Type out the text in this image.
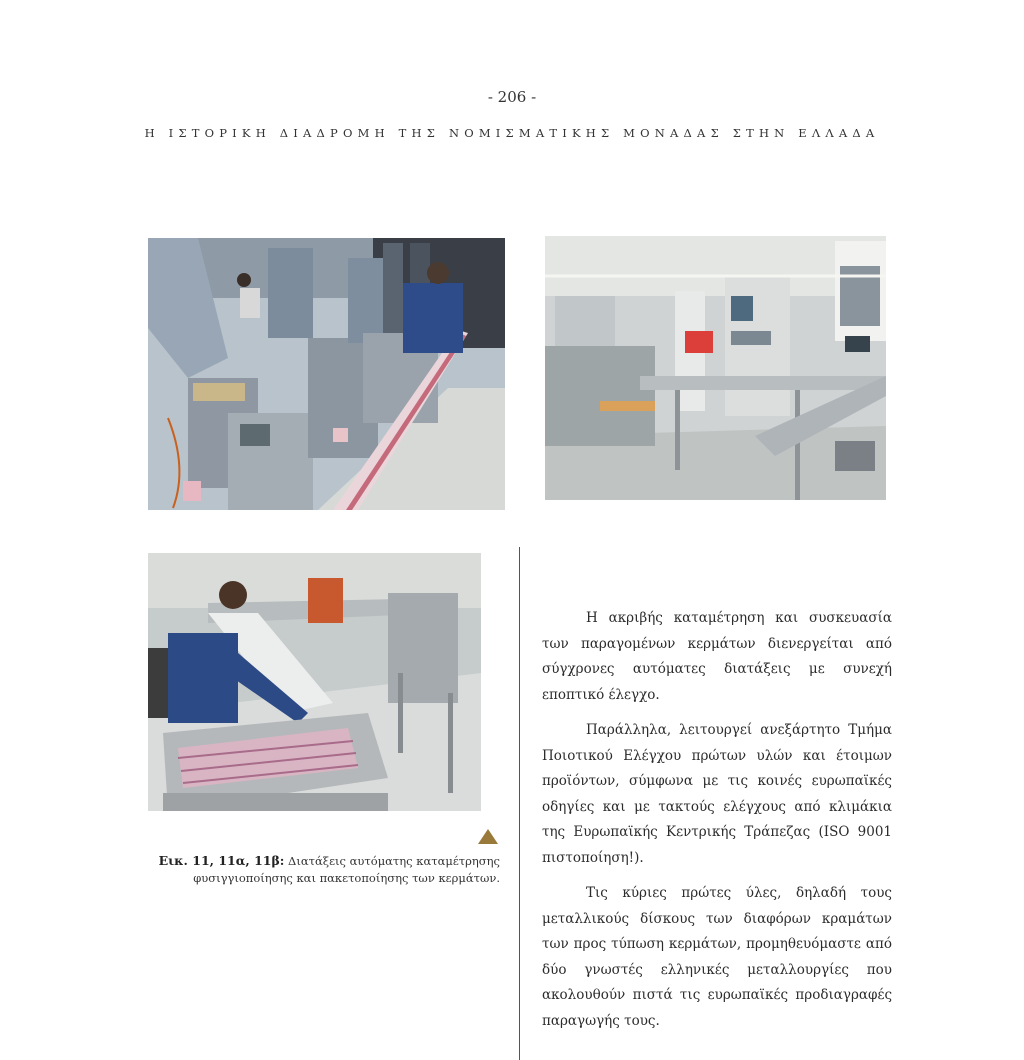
- 206 -
Η ΙΣΤΟΡΙΚΗ ΔΙΑΔΡΟΜΗ ΤΗΣ ΝΟΜΙΣΜΑΤΙΚΗΣ ΜΟΝΑΔΑΣ ΣΤΗΝ ΕΛΛΑΔΑ
Εικ. 11, 11α, 11β: Διατάξεις αυτόματης καταμέτρησης
φυσιγγιοποίησης και πακετοποίησης των κερμάτων.

Η ακριβής καταμέτρηση και συσκευασία των παραγομένων κερμάτων διενεργείται από σύγχρονες αυτόματες διατάξεις με συνεχή εποπτικό έλεγχο.

Παράλληλα, λειτουργεί ανεξάρτητο Τμήμα Ποιοτικού Ελέγχου πρώτων υλών και έτοιμων προϊόντων, σύμφωνα με τις κοινές ευρωπαϊκές οδηγίες και με τακτούς ελέγχους από κλιμάκια της Ευρωπαϊκής Κεντρικής Τράπεζας (ISO 9001 πιστοποίηση!).

Τις κύριες πρώτες ύλες, δηλαδή τους μεταλλικούς δίσκους των διαφόρων κραμάτων των προς τύπωση κερμάτων, προμηθευόμαστε από δύο γνωστές ελληνικές μεταλλουργίες που ακολουθούν πιστά τις ευρωπαϊκές προδιαγραφές παραγωγής τους.
